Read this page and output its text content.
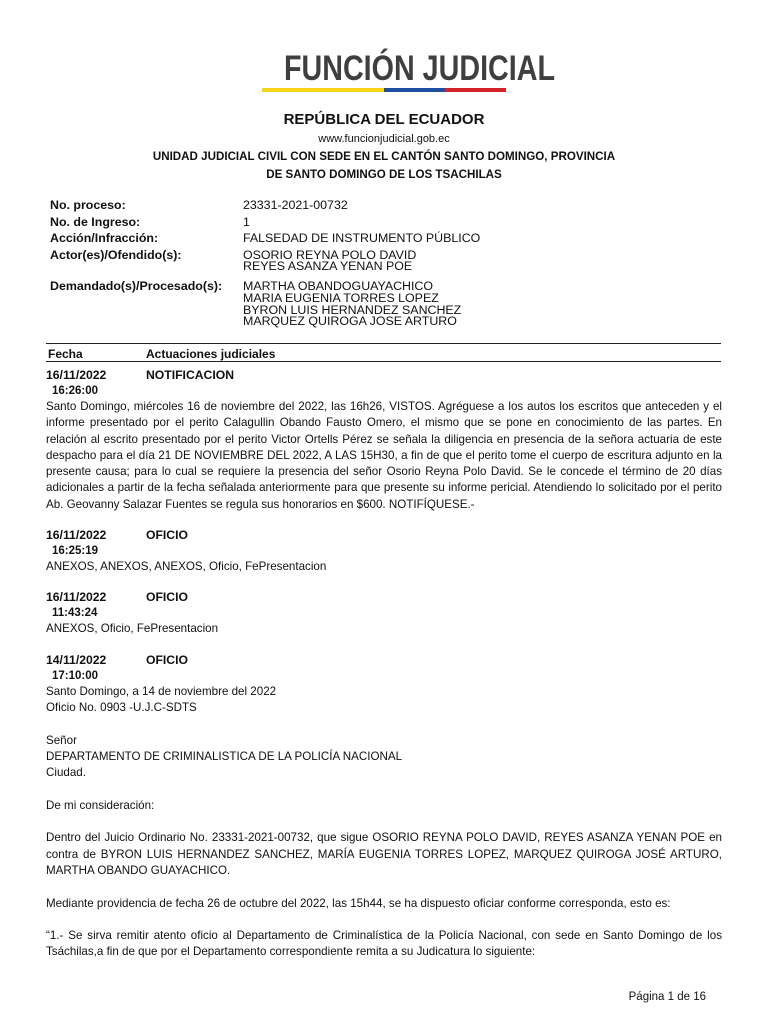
FUNCIÓN JUDICIAL
REPÚBLICA DEL ECUADOR
www.funcionjudicial.gob.ec
UNIDAD JUDICIAL CIVIL CON SEDE EN EL CANTÓN SANTO DOMINGO, PROVINCIA
DE SANTO DOMINGO DE LOS TSACHILAS
No. proceso:	23331-2021-00732
No. de Ingreso:	1
Acción/Infracción:	FALSEDAD DE INSTRUMENTO PÚBLICO
Actor(es)/Ofendido(s):	OSORIO REYNA POLO DAVID
REYES ASANZA YENAN POE
Demandado(s)/Procesado(s):	MARTHA OBANDOGUAYACHICO
MARIA EUGENIA TORRES LOPEZ
BYRON LUIS HERNANDEZ SANCHEZ
MARQUEZ QUIROGA JOSE ARTURO
Fecha	Actuaciones judiciales
16/11/2022	NOTIFICACION
16:26:00

Santo Domingo, miércoles 16 de noviembre del 2022, las 16h26, VISTOS. Agréguese a los autos los escritos que anteceden y el informe presentado por el perito Calagullin Obando Fausto Omero, el mismo que se pone en conocimiento de las partes. En relación al escrito presentado por el perito Victor Ortells Pérez se señala la diligencia en presencia de la señora actuaria de este despacho para el día 21 DE NOVIEMBRE DEL 2022, A LAS 15H30, a fin de que el perito tome el cuerpo de escritura adjunto en la presente causa; para lo cual se requiere la presencia del señor Osorio Reyna Polo David. Se le concede el término de 20 días adicionales a partir de la fecha señalada anteriormente para que presente su informe pericial. Atendiendo lo solicitado por el perito Ab. Geovanny Salazar Fuentes se regula sus honorarios en $600. NOTIFÍQUESE.-

16/11/2022	OFICIO
16:25:19

ANEXOS, ANEXOS, ANEXOS, Oficio, FePresentacion

16/11/2022	OFICIO
11:43:24

ANEXOS, Oficio, FePresentacion

14/11/2022	OFICIO
17:10:00

Santo Domingo, a 14 de noviembre del 2022

Oficio No. 0903 -U.J.C-SDTS

Señor

DEPARTAMENTO DE CRIMINALISTICA DE LA POLICÍA NACIONAL

Ciudad.

De mi consideración:

Dentro del Juicio Ordinario No. 23331-2021-00732, que sigue OSORIO REYNA POLO DAVID, REYES ASANZA YENAN POE en contra de BYRON LUIS HERNANDEZ SANCHEZ, MARÍA EUGENIA TORRES LOPEZ, MARQUEZ QUIROGA JOSÉ ARTURO, MARTHA OBANDO GUAYACHICO.

Mediante providencia de fecha 26 de octubre del 2022, las 15h44, se ha dispuesto oficiar conforme corresponda, esto es:

“1.- Se sirva remitir atento oficio al Departamento de Criminalística de la Policía Nacional, con sede en Santo Domingo de los Tsáchilas,a fin de que por el Departamento correspondiente remita a su Judicatura lo siguiente:

Página 1 de 16
